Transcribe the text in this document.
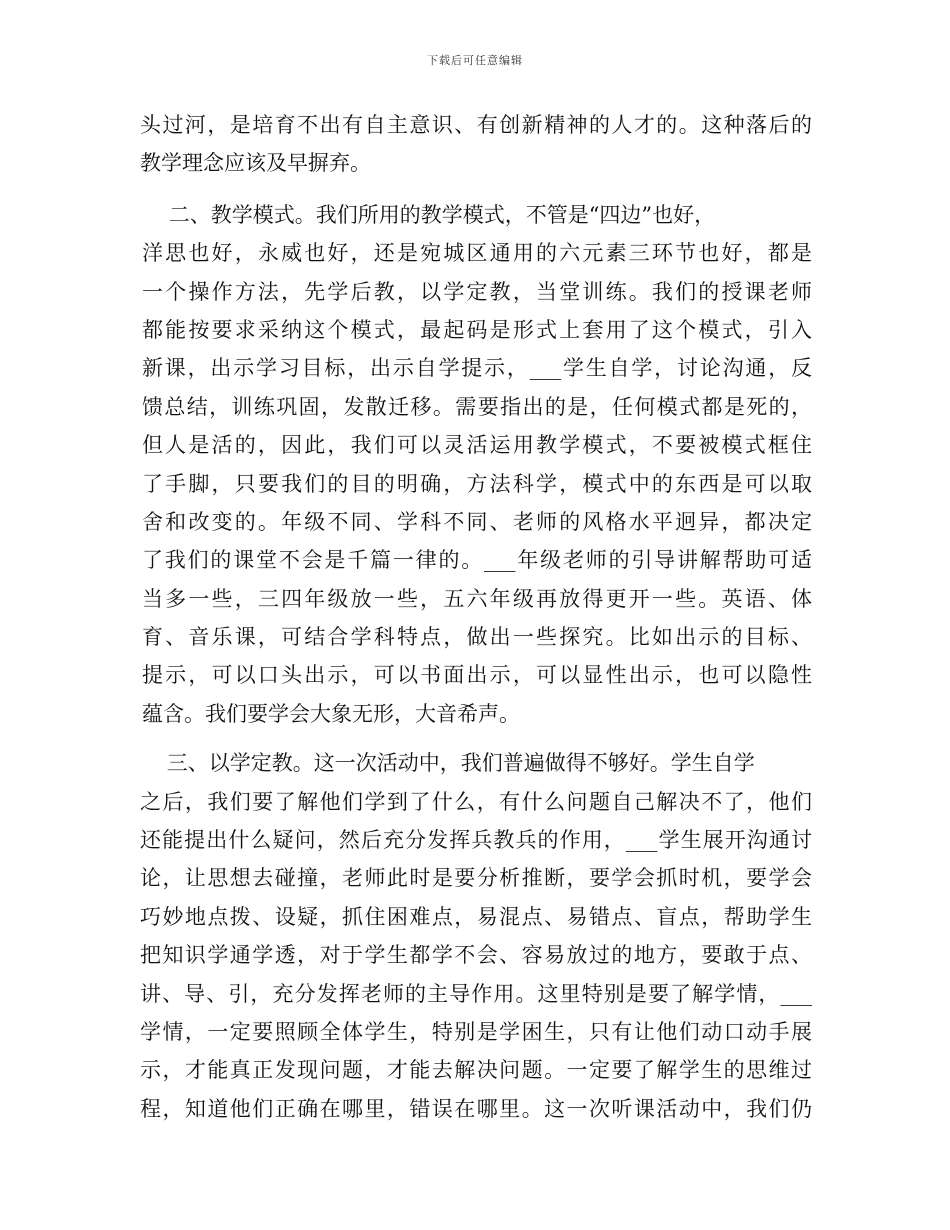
下载后可任意编辑
头过河，是培育不出有自主意识、有创新精神的人才的。这种落后的
教学理念应该及早摒弃。
二、教学模式。我们所用的教学模式，不管是“四边”也好，
洋思也好，永威也好，还是宛城区通用的六元素三环节也好，都是
一个操作方法，先学后教，以学定教，当堂训练。我们的授课老师
都能按要求采纳这个模式，最起码是形式上套用了这个模式，引入
新课，出示学习目标，出示自学提示，___学生自学，讨论沟通，反
馈总结，训练巩固，发散迁移。需要指出的是，任何模式都是死的，
但人是活的，因此，我们可以灵活运用教学模式，不要被模式框住
了手脚，只要我们的目的明确，方法科学，模式中的东西是可以取
舍和改变的。年级不同、学科不同、老师的风格水平迥异，都决定
了我们的课堂不会是千篇一律的。___年级老师的引导讲解帮助可适
当多一些，三四年级放一些，五六年级再放得更开一些。英语、体
育、音乐课，可结合学科特点，做出一些探究。比如出示的目标、
提示，可以口头出示，可以书面出示，可以显性出示，也可以隐性
蕴含。我们要学会大象无形，大音希声。
三、以学定教。这一次活动中，我们普遍做得不够好。学生自学
之后，我们要了解他们学到了什么，有什么问题自己解决不了，他们
还能提出什么疑问，然后充分发挥兵教兵的作用，___学生展开沟通讨
论，让思想去碰撞，老师此时是要分析推断，要学会抓时机，要学会
巧妙地点拨、设疑，抓住困难点，易混点、易错点、盲点，帮助学生
把知识学通学透，对于学生都学不会、容易放过的地方，要敢于点、
讲、导、引，充分发挥老师的主导作用。这里特别是要了解学情，___
学情，一定要照顾全体学生，特别是学困生，只有让他们动口动手展
示，才能真正发现问题，才能去解决问题。一定要了解学生的思维过
程，知道他们正确在哪里，错误在哪里。这一次听课活动中，我们仍
